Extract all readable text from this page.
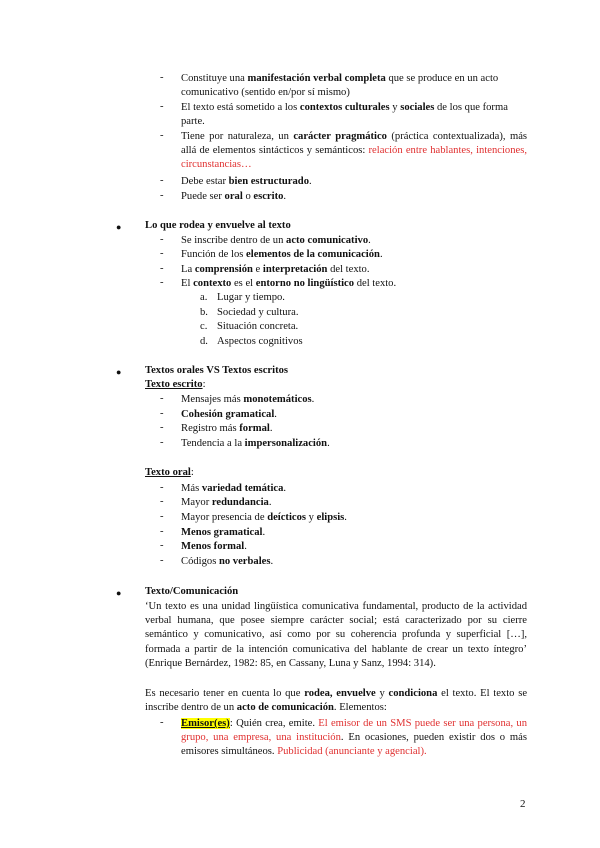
- Constituye una manifestación verbal completa que se produce en un acto comunicativo (sentido en/por sí mismo)
- El texto está sometido a los contextos culturales y sociales de los que forma parte.
- Tiene por naturaleza, un carácter pragmático (práctica contextualizada), más allá de elementos sintácticos y semánticos: relación entre hablantes, intenciones, circunstancias…
- Debe estar bien estructurado.
- Puede ser oral o escrito.
● Lo que rodea y envuelve al texto
- Se inscribe dentro de un acto comunicativo.
- Función de los elementos de la comunicación.
- La comprensión e interpretación del texto.
- El contexto es el entorno no lingüístico del texto.
a. Lugar y tiempo.
b. Sociedad y cultura.
c. Situación concreta.
d. Aspectos cognitivos
● Textos orales VS Textos escritos
Texto escrito:
- Mensajes más monotemáticos.
- Cohesión gramatical.
- Registro más formal.
- Tendencia a la impersonalización.
Texto oral:
- Más variedad temática.
- Mayor redundancia.
- Mayor presencia de deícticos y elipsis.
- Menos gramatical.
- Menos formal.
- Códigos no verbales.
● Texto/Comunicación
‘Un texto es una unidad lingüística comunicativa fundamental, producto de la actividad verbal humana, que posee siempre carácter social; está caracterizado por su cierre semántico y comunicativo, así como por su coherencia profunda y superficial […], formada a partir de la intención comunicativa del hablante de crear un texto íntegro’ (Enrique Bernárdez, 1982: 85, en Cassany, Luna y Sanz, 1994: 314).
Es necesario tener en cuenta lo que rodea, envuelve y condiciona el texto. El texto se inscribe dentro de un acto de comunicación. Elementos:
- Emisor(es): Quién crea, emite. El emisor de un SMS puede ser una persona, un grupo, una empresa, una institución. En ocasiones, pueden existir dos o más emisores simultáneos. Publicidad (anunciante y agencial).
2
